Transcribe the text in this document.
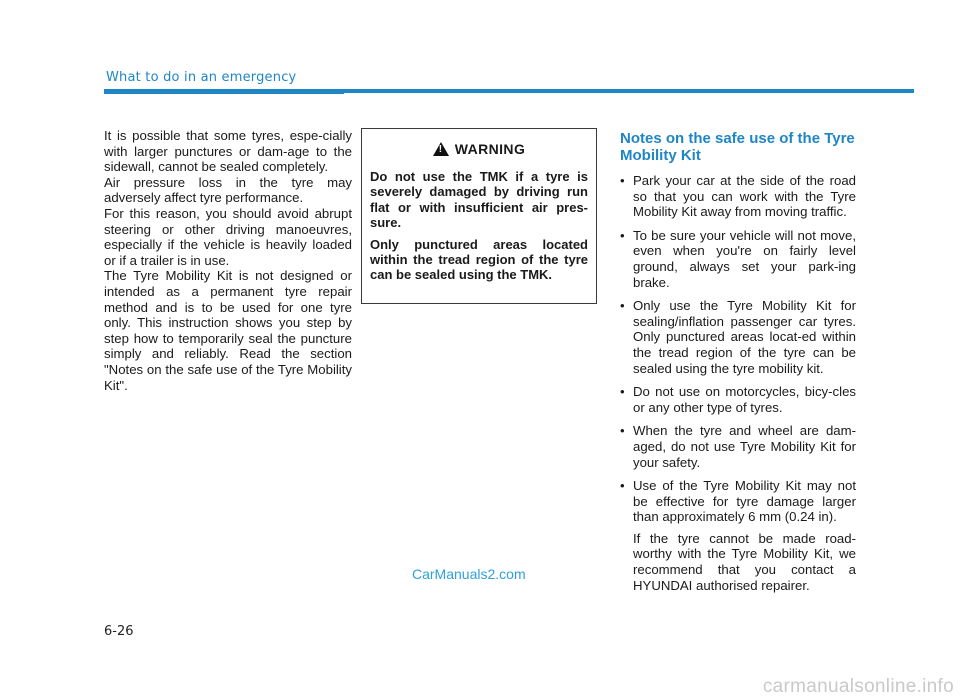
What to do in an emergency

It is possible that some tyres, espe-cially with larger punctures or dam-age to the sidewall, cannot be sealed completely.

Air pressure loss in the tyre may adversely affect tyre performance.

For this reason, you should avoid abrupt steering or other driving manoeuvres, especially if the vehicle is heavily loaded or if a trailer is in use.

The Tyre Mobility Kit is not designed or intended as a permanent tyre repair method and is to be used for one tyre only. This instruction shows you step by step how to temporarily seal the puncture simply and reliably. Read the section "Notes on the safe use of the Tyre Mobility Kit".

!
WARNING

Do not use the TMK if a tyre is severely damaged by driving run flat or with insufficient air pres-sure.

Only punctured areas located within the tread region of the tyre can be sealed using the TMK.

Notes on the safe use of the Tyre Mobility Kit
• Park your car at the side of the road so that you can work with the Tyre Mobility Kit away from moving traffic.
• To be sure your vehicle will not move, even when you're on fairly level ground, always set your park-ing brake.
• Only use the Tyre Mobility Kit for sealing/inflation passenger car tyres. Only punctured areas locat-ed within the tread region of the tyre can be sealed using the tyre mobility kit.
• Do not use on motorcycles, bicy-cles or any other type of tyres.
• When the tyre and wheel are dam-aged, do not use Tyre Mobility Kit for your safety.
• Use of the Tyre Mobility Kit may not be effective for tyre damage larger than approximately 6 mm (0.24 in).
If the tyre cannot be made road-worthy with the Tyre Mobility Kit, we recommend that you contact a HYUNDAI authorised repairer.
CarManuals2.com
6-26
carmanualsonline.info
